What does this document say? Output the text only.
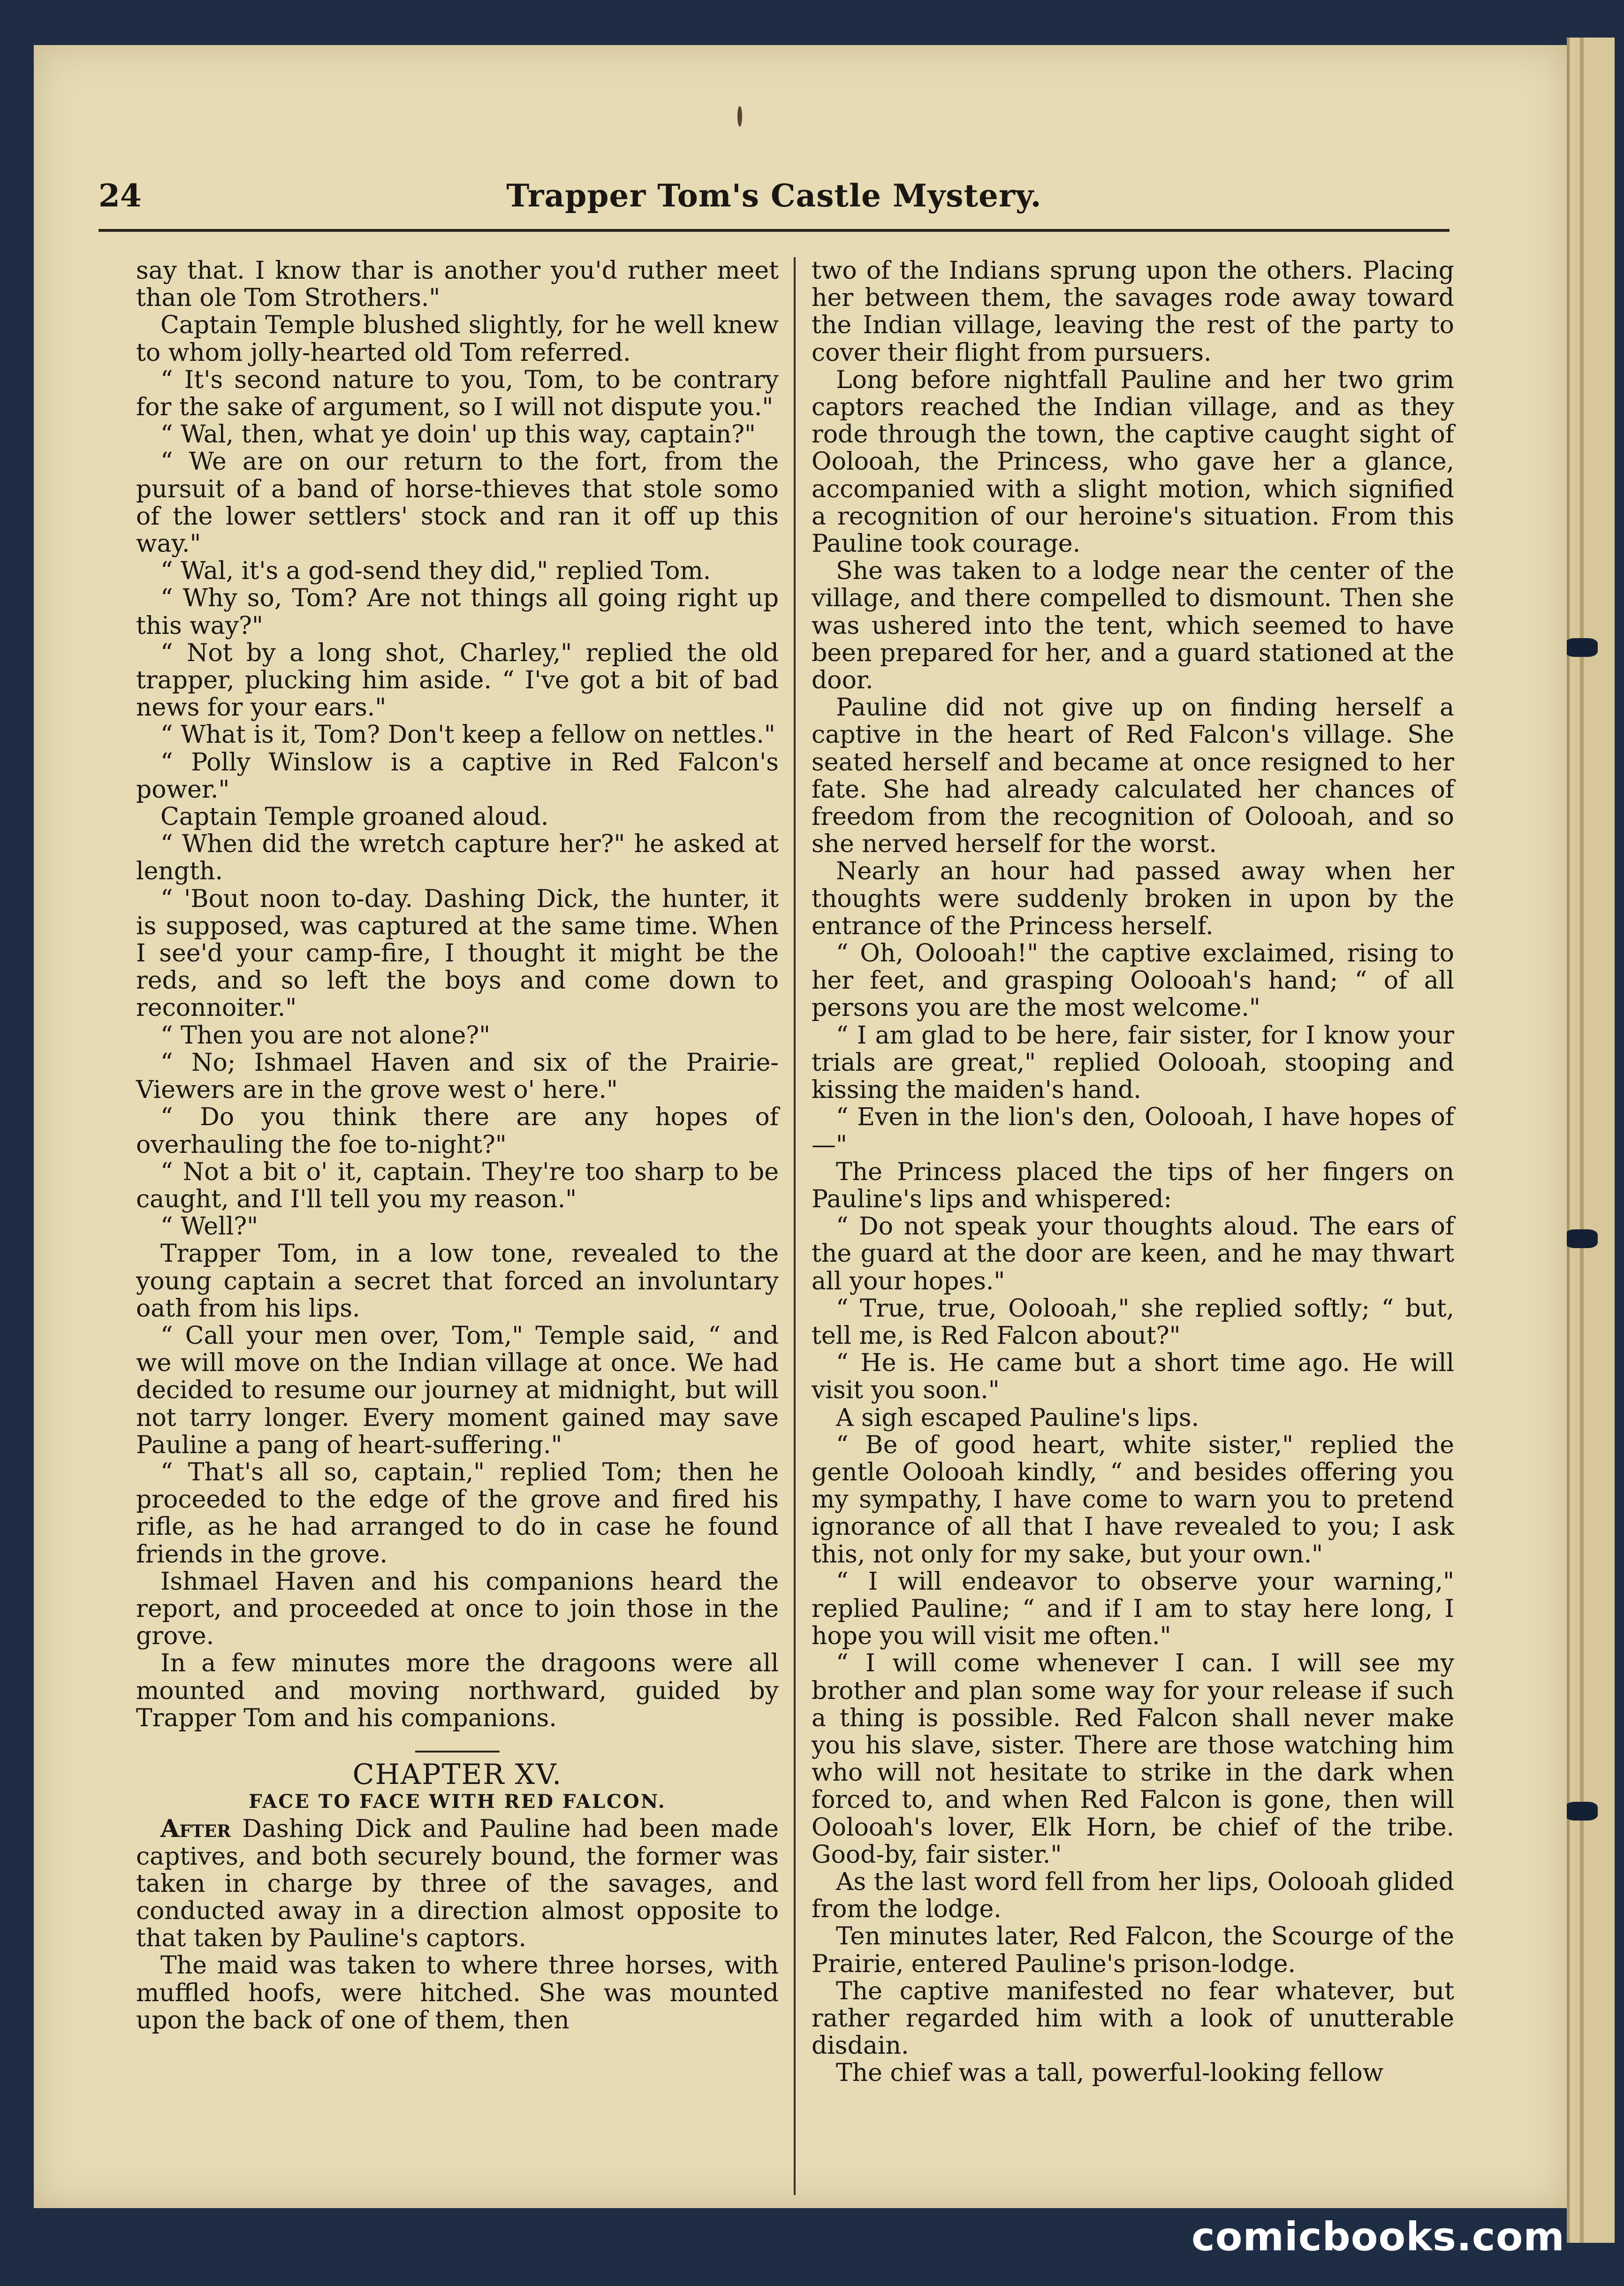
24	Trapper Tom's Castle Mystery.

say that. I know thar is another you'd ruther meet than ole Tom Strothers."

Captain Temple blushed slightly, for he well knew to whom jolly-hearted old Tom referred.

“ It's second nature to you, Tom, to be contrary for the sake of argument, so I will not dispute you."

“ Wal, then, what ye doin' up this way, captain?"

“ We are on our return to the fort, from the pursuit of a band of horse-thieves that stole somo of the lower settlers' stock and ran it off up this way."

“ Wal, it's a god-send they did," replied Tom.

“ Why so, Tom? Are not things all going right up this way?"

“ Not by a long shot, Charley," replied the old trapper, plucking him aside. “ I've got a bit of bad news for your ears."

“ What is it, Tom? Don't keep a fellow on nettles."

“ Polly Winslow is a captive in Red Falcon's power."

Captain Temple groaned aloud.

“ When did the wretch capture her?" he asked at length.

“ 'Bout noon to-day. Dashing Dick, the hunter, it is supposed, was captured at the same time. When I see'd your camp-fire, I thought it might be the reds, and so left the boys and come down to reconnoiter."

“ Then you are not alone?"

“ No; Ishmael Haven and six of the Prairie-Viewers are in the grove west o' here."

“ Do you think there are any hopes of overhauling the foe to-night?"

“ Not a bit o' it, captain. They're too sharp to be caught, and I'll tell you my reason."

“ Well?"

Trapper Tom, in a low tone, revealed to the young captain a secret that forced an involuntary oath from his lips.

“ Call your men over, Tom," Temple said, “ and we will move on the Indian village at once. We had decided to resume our journey at midnight, but will not tarry longer. Every moment gained may save Pauline a pang of heart-suffering."

“ That's all so, captain," replied Tom; then he proceeded to the edge of the grove and fired his rifle, as he had arranged to do in case he found friends in the grove.

Ishmael Haven and his companions heard the report, and proceeded at once to join those in the grove.

In a few minutes more the dragoons were all mounted and moving northward, guided by Trapper Tom and his companions.

CHAPTER XV.

FACE TO FACE WITH RED FALCON.

After Dashing Dick and Pauline had been made captives, and both securely bound, the former was taken in charge by three of the savages, and conducted away in a direction almost opposite to that taken by Pauline's captors.

The maid was taken to where three horses, with muffled hoofs, were hitched. She was mounted upon the back of one of them, then

two of the Indians sprung upon the others. Placing her between them, the savages rode away toward the Indian village, leaving the rest of the party to cover their flight from pursuers.

Long before nightfall Pauline and her two grim captors reached the Indian village, and as they rode through the town, the captive caught sight of Oolooah, the Princess, who gave her a glance, accompanied with a slight motion, which signified a recognition of our heroine's situation. From this Pauline took courage.

She was taken to a lodge near the center of the village, and there compelled to dismount. Then she was ushered into the tent, which seemed to have been prepared for her, and a guard stationed at the door.

Pauline did not give up on finding herself a captive in the heart of Red Falcon's village. She seated herself and became at once resigned to her fate. She had already calculated her chances of freedom from the recognition of Oolooah, and so she nerved herself for the worst.

Nearly an hour had passed away when her thoughts were suddenly broken in upon by the entrance of the Princess herself.

“ Oh, Oolooah!" the captive exclaimed, rising to her feet, and grasping Oolooah's hand; “ of all persons you are the most welcome."

“ I am glad to be here, fair sister, for I know your trials are great," replied Oolooah, stooping and kissing the maiden's hand.

“ Even in the lion's den, Oolooah, I have hopes of—"

The Princess placed the tips of her fingers on Pauline's lips and whispered:

“ Do not speak your thoughts aloud. The ears of the guard at the door are keen, and he may thwart all your hopes."

“ True, true, Oolooah," she replied softly; “ but, tell me, is Red Falcon about?"

“ He is. He came but a short time ago. He will visit you soon."

A sigh escaped Pauline's lips.

“ Be of good heart, white sister," replied the gentle Oolooah kindly, “ and besides offering you my sympathy, I have come to warn you to pretend ignorance of all that I have revealed to you; I ask this, not only for my sake, but your own."

“ I will endeavor to observe your warning," replied Pauline; “ and if I am to stay here long, I hope you will visit me often."

“ I will come whenever I can. I will see my brother and plan some way for your release if such a thing is possible. Red Falcon shall never make you his slave, sister. There are those watching him who will not hesitate to strike in the dark when forced to, and when Red Falcon is gone, then will Oolooah's lover, Elk Horn, be chief of the tribe. Good-by, fair sister."

As the last word fell from her lips, Oolooah glided from the lodge.

Ten minutes later, Red Falcon, the Scourge of the Prairie, entered Pauline's prison-lodge.

The captive manifested no fear whatever, but rather regarded him with a look of unutterable disdain.

The chief was a tall, powerful-looking fellow

comicbooks.com
